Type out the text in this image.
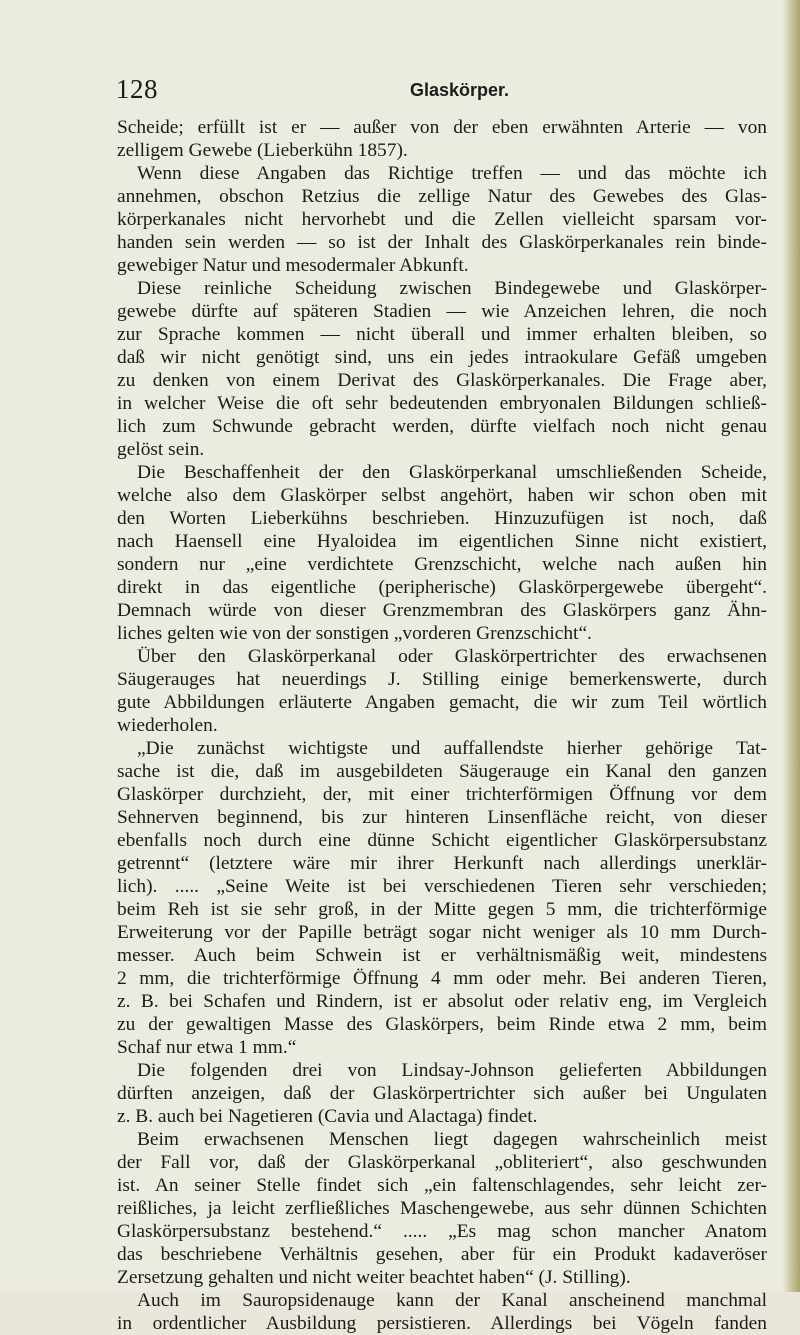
128	Glaskörper.
Scheide; erfüllt ist er — außer von der eben erwähnten Arterie — von
zelligem Gewebe (Lieberkühn 1857).
Wenn diese Angaben das Richtige treffen — und das möchte ich
annehmen, obschon Retzius die zellige Natur des Gewebes des Glas-
körperkanales nicht hervorhebt und die Zellen vielleicht sparsam vor-
handen sein werden — so ist der Inhalt des Glaskörperkanales rein binde-
gewebiger Natur und mesodermaler Abkunft.
Diese reinliche Scheidung zwischen Bindegewebe und Glaskörper-
gewebe dürfte auf späteren Stadien — wie Anzeichen lehren, die noch
zur Sprache kommen — nicht überall und immer erhalten bleiben, so
daß wir nicht genötigt sind, uns ein jedes intraokulare Gefäß umgeben
zu denken von einem Derivat des Glaskörperkanales. Die Frage aber,
in welcher Weise die oft sehr bedeutenden embryonalen Bildungen schließ-
lich zum Schwunde gebracht werden, dürfte vielfach noch nicht genau
gelöst sein.
Die Beschaffenheit der den Glaskörperkanal umschließenden Scheide,
welche also dem Glaskörper selbst angehört, haben wir schon oben mit
den Worten Lieberkühns beschrieben. Hinzuzufügen ist noch, daß
nach Haensell eine Hyaloidea im eigentlichen Sinne nicht existiert,
sondern nur „eine verdichtete Grenzschicht, welche nach außen hin
direkt in das eigentliche (peripherische) Glaskörpergewebe übergeht“.
Demnach würde von dieser Grenzmembran des Glaskörpers ganz Ähn-
liches gelten wie von der sonstigen „vorderen Grenzschicht“.
Über den Glaskörperkanal oder Glaskörpertrichter des erwachsenen
Säugerauges hat neuerdings J. Stilling einige bemerkenswerte, durch
gute Abbildungen erläuterte Angaben gemacht, die wir zum Teil wörtlich
wiederholen.
„Die zunächst wichtigste und auffallendste hierher gehörige Tat-
sache ist die, daß im ausgebildeten Säugerauge ein Kanal den ganzen
Glaskörper durchzieht, der, mit einer trichterförmigen Öffnung vor dem
Sehnerven beginnend, bis zur hinteren Linsenfläche reicht, von dieser
ebenfalls noch durch eine dünne Schicht eigentlicher Glaskörpersubstanz
getrennt“ (letztere wäre mir ihrer Herkunft nach allerdings unerklär-
lich). ..... „Seine Weite ist bei verschiedenen Tieren sehr verschieden;
beim Reh ist sie sehr groß, in der Mitte gegen 5 mm, die trichterförmige
Erweiterung vor der Papille beträgt sogar nicht weniger als 10 mm Durch-
messer. Auch beim Schwein ist er verhältnismäßig weit, mindestens
2 mm, die trichterförmige Öffnung 4 mm oder mehr. Bei anderen Tieren,
z. B. bei Schafen und Rindern, ist er absolut oder relativ eng, im Vergleich
zu der gewaltigen Masse des Glaskörpers, beim Rinde etwa 2 mm, beim
Schaf nur etwa 1 mm.“
Die folgenden drei von Lindsay-Johnson gelieferten Abbildungen
dürften anzeigen, daß der Glaskörpertrichter sich außer bei Ungulaten
z. B. auch bei Nagetieren (Cavia und Alactaga) findet.
Beim erwachsenen Menschen liegt dagegen wahrscheinlich meist
der Fall vor, daß der Glaskörperkanal „obliteriert“, also geschwunden
ist. An seiner Stelle findet sich „ein faltenschlagendes, sehr leicht zer-
reißliches, ja leicht zerfließliches Maschengewebe, aus sehr dünnen Schichten
Glaskörpersubstanz bestehend.“ ..... „Es mag schon mancher Anatom
das beschriebene Verhältnis gesehen, aber für ein Produkt kadaveröser
Zersetzung gehalten und nicht weiter beachtet haben“ (J. Stilling).
Auch im Sauropsidenauge kann der Kanal anscheinend manchmal
in ordentlicher Ausbildung persistieren. Allerdings bei Vögeln fanden
